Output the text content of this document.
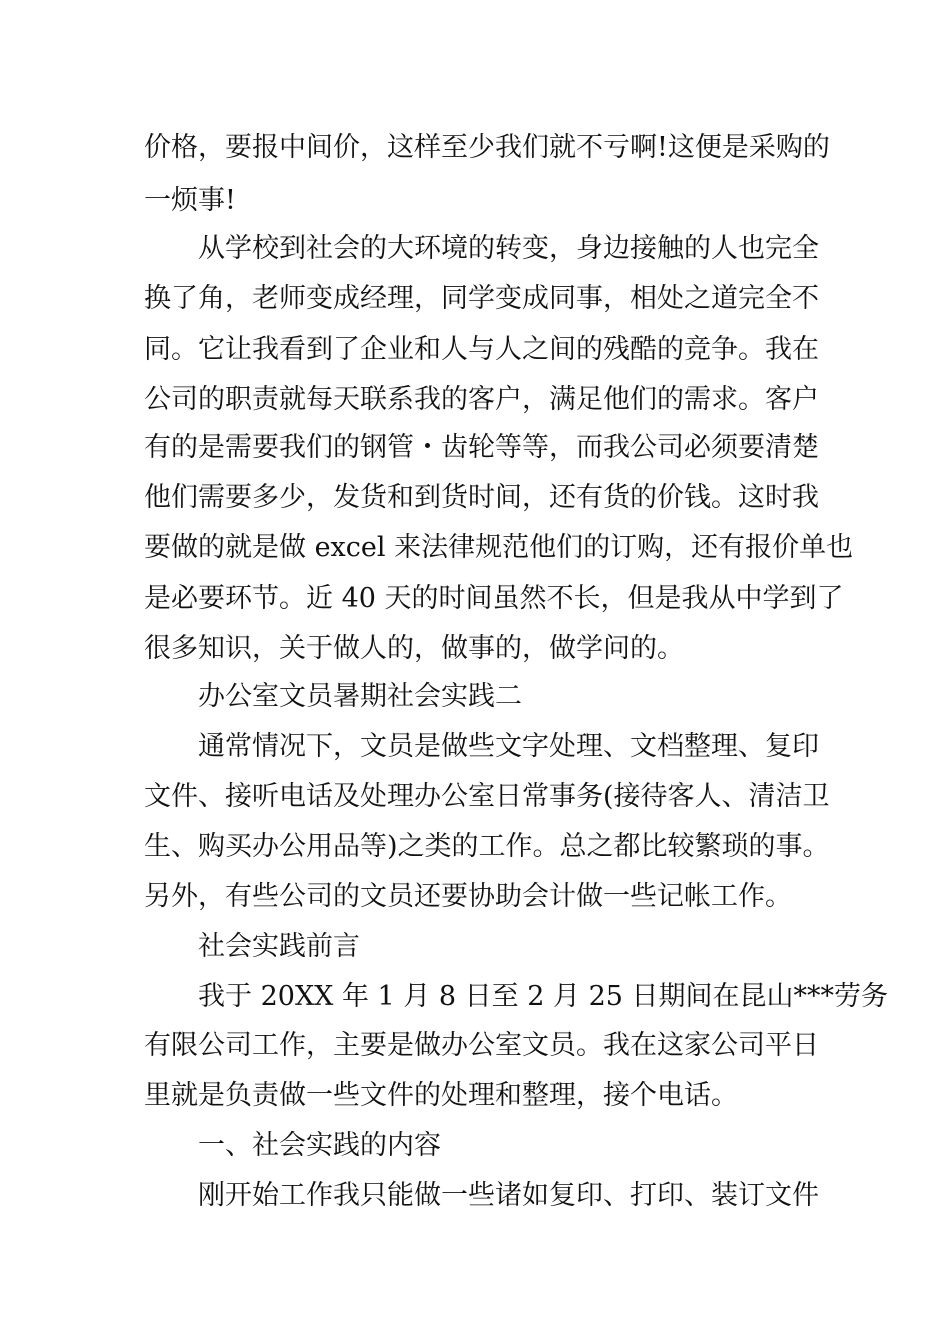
价格，要报中间价，这样至少我们就不亏啊!这便是采购的
一烦事!
从学校到社会的大环境的转变，身边接触的人也完全
换了角，老师变成经理，同学变成同事，相处之道完全不
同。它让我看到了企业和人与人之间的残酷的竞争。我在
公司的职责就每天联系我的客户，满足他们的需求。客户
有的是需要我们的钢管・齿轮等等，而我公司必须要清楚
他们需要多少，发货和到货时间，还有货的价钱。这时我
要做的就是做 excel 来法律规范他们的订购，还有报价单也
是必要环节。近 40 天的时间虽然不长，但是我从中学到了
很多知识，关于做人的，做事的，做学问的。
办公室文员暑期社会实践二
通常情况下，文员是做些文字处理、文档整理、复印
文件、接听电话及处理办公室日常事务(接待客人、清洁卫
生、购买办公用品等)之类的工作。总之都比较繁琐的事。
另外，有些公司的文员还要协助会计做一些记帐工作。
社会实践前言
我于 20XX 年 1 月 8 日至 2 月 25 日期间在昆山***劳务
有限公司工作，主要是做办公室文员。我在这家公司平日
里就是负责做一些文件的处理和整理，接个电话。
一、社会实践的内容
刚开始工作我只能做一些诸如复印、打印、装订文件
